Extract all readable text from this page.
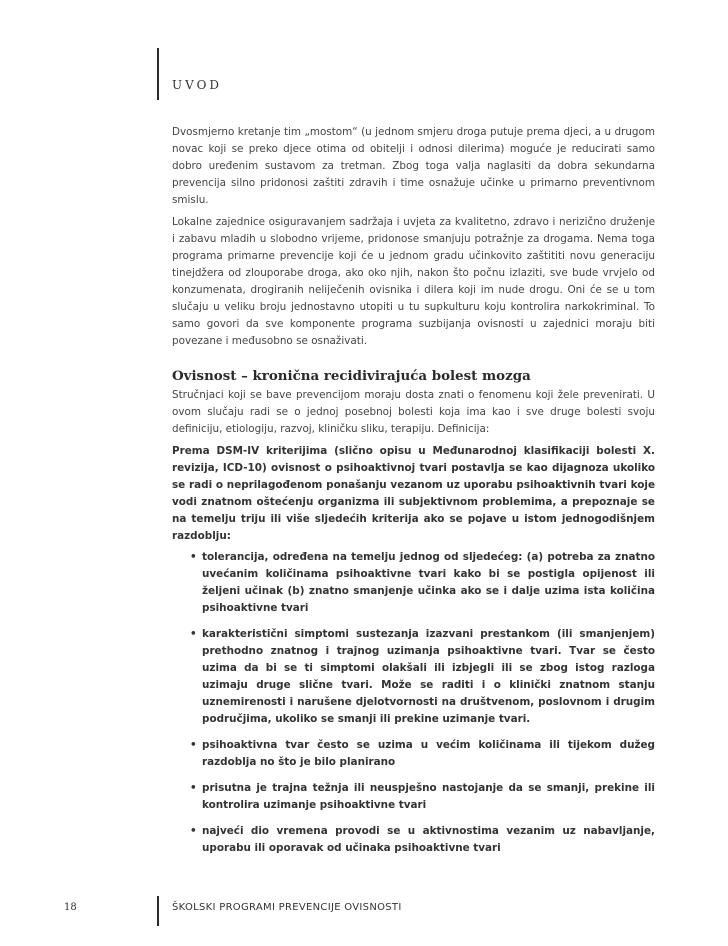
UVOD

Dvosmjerno kretanje tim „mostom“ (u jednom smjeru droga putuje prema djeci, a u drugom novac koji se preko djece otima od obitelji i odnosi dilerima) moguće je reducirati samo dobro uređenim sustavom za tretman. Zbog toga valja naglasiti da dobra sekundarna prevencija silno pridonosi zaštiti zdravih i time osnažuje učinke u primarno preventivnom smislu.

Lokalne zajednice osiguravanjem sadržaja i uvjeta za kvalitetno, zdravo i nerizično druženje i zabavu mladih u slobodno vrijeme, pridonose smanjuju potražnje za drogama. Nema toga programa primarne prevencije koji će u jednom gradu učinkovito zaštititi novu generaciju tinejdžera od zlouporabe droga, ako oko njih, nakon što počnu izlaziti, sve bude vrvjelo od konzumenata, drogiranih neliječenih ovisnika i dilera koji im nude drogu. Oni će se u tom slučaju u veliku broju jednostavno utopiti u tu supkulturu koju kontrolira narkokriminal. To samo govori da sve komponente programa suzbijanja ovisnosti u zajednici moraju biti povezane i međusobno se osnaživati.

Ovisnost – kronična recidivirajuća bolest mozga

Stručnjaci koji se bave prevencijom moraju dosta znati o fenomenu koji žele prevenirati. U ovom slučaju radi se o jednoj posebnoj bolesti koja ima kao i sve druge bolesti svoju definiciju, etiologiju, razvoj, kliničku sliku, terapiju. Definicija:

Prema DSM-IV kriterijima (slično opisu u Međunarodnoj klasifikaciji bolesti X. revizija, ICD-10) ovisnost o psihoaktivnoj tvari postavlja se kao dijagnoza ukoliko se radi o neprilagođenom ponašanju vezanom uz uporabu psihoaktivnih tvari koje vodi znatnom oštećenju organizma ili subjektivnom problemima, a prepoznaje se na temelju triju ili više sljedećih kriterija ako se pojave u istom jednogodišnjem razdoblju:

• tolerancija, određena na temelju jednog od sljedećeg: (a) potreba za znatno uvećanim količinama psihoaktivne tvari kako bi se postigla opijenost ili željeni učinak (b) znatno smanjenje učinka ako se i dalje uzima ista količina psihoaktivne tvari
• karakteristični simptomi sustezanja izazvani prestankom (ili smanjenjem) prethodno znatnog i trajnog uzimanja psihoaktivne tvari. Tvar se često uzima da bi se ti simptomi olakšali ili izbjegli ili se zbog istog razloga uzimaju druge slične tvari. Može se raditi i o klinički znatnom stanju uznemirenosti i narušene djelotvornosti na društvenom, poslovnom i drugim područjima, ukoliko se smanji ili prekine uzimanje tvari.
• psihoaktivna tvar često se uzima u većim količinama ili tijekom dužeg razdoblja no što je bilo planirano
• prisutna je trajna težnja ili neuspješno nastojanje da se smanji, prekine ili kontrolira uzimanje psihoaktivne tvari
• najveći dio vremena provodi se u aktivnostima vezanim uz nabavljanje, uporabu ili oporavak od učinaka psihoaktivne tvari
18	ŠKOLSKI PROGRAMI PREVENCIJE OVISNOSTI
